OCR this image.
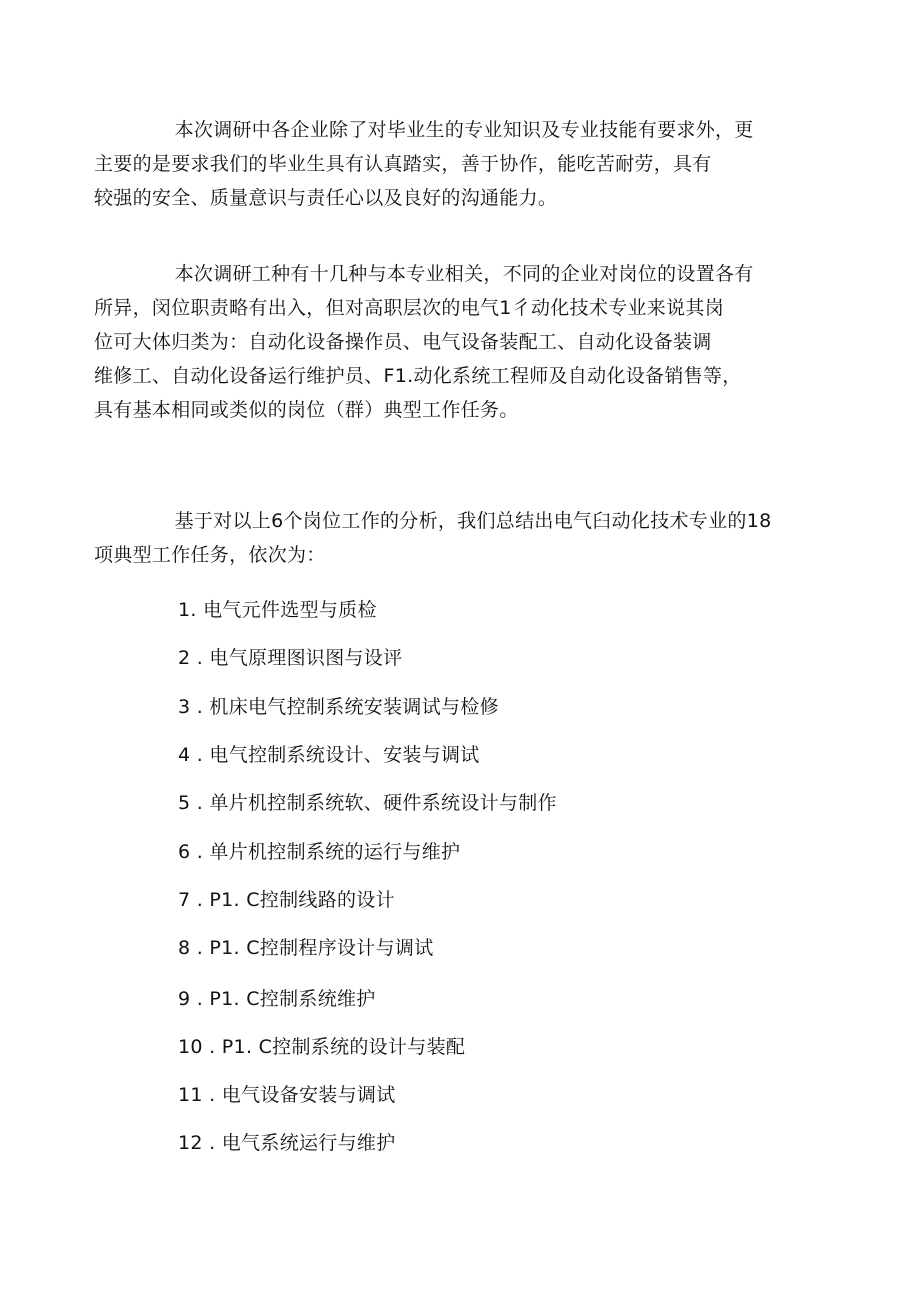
　　本次调研中各企业除了对毕业生的专业知识及专业技能有要求外，更
主要的是要求我们的毕业生具有认真踏实，善于协作，能吃苦耐劳，具有
较强的安全、质量意识与责任心以及良好的沟通能力。
　　本次调研工种有十几种与本专业相关，不同的企业对岗位的设置各有
所异，闵位职责略有出入，但对高职层次的电气1彳动化技术专业来说其岗
位可大体归类为：自动化设备操作员、电气设备装配工、自动化设备装调
维修工、自动化设备运行维护员、F1.动化系统工程师及自动化设备销售等，
具有基本相同或类似的岗位（群）典型工作任务。
　　基于对以上6个岗位工作的分析，我们总结出电气臼动化技术专业的18
项典型工作任务，依次为：
1. 电气元件选型与质检
2 . 电气原理图识图与设评
3 . 机床电气控制系统安装调试与检修
4 . 电气控制系统设计、安装与调试
5 . 单片机控制系统软、硬件系统设计与制作
6 . 单片机控制系统的运行与维护
7 . P1. C控制线路的设计
8 . P1. C控制程序设计与调试
9 . P1. C控制系统维护
10 . P1. C控制系统的设计与装配
11 . 电气设备安装与调试
12 . 电气系统运行与维护
